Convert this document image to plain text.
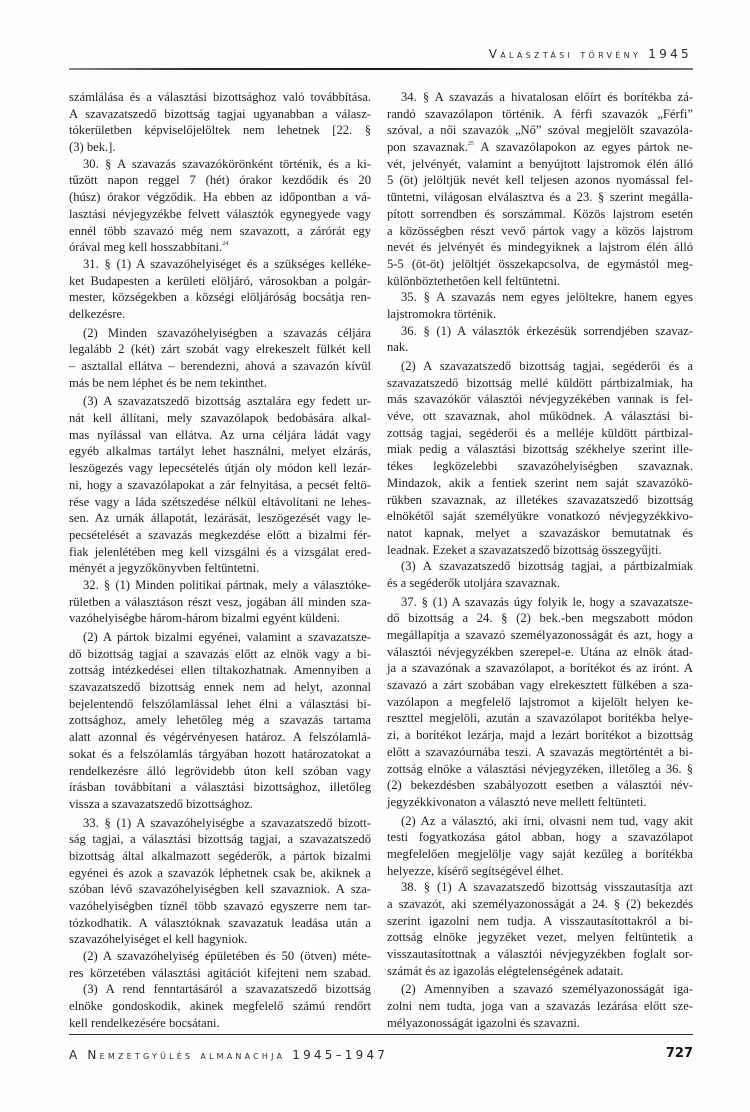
Választási törvény 1945
számlálása és a választási bizottsághoz való továbbítása.
A szavazatszedő bizottság tagjai ugyanabban a válasz-
tókerületben képviselőjelöltek nem lehetnek [22. §
(3) bek.].
30. § A szavazás szavazókörönként történik, és a ki-
tűzött napon reggel 7 (hét) órakor kezdődik és 20
(húsz) órakor végződik. Ha ebben az időpontban a vá-
lasztási névjegyzékbe felvett választók egynegyede vagy
ennél több szavazó még nem szavazott, a zárórát egy
órával meg kell hosszabbítani.$^{24}$
31. § (1) A szavazóhelyiséget és a szükséges kelléke-
ket Budapesten a kerületi elöljáró, városokban a polgár-
mester, községekben a községi elöljáróság bocsátja ren-
delkezésre.
(2) Minden szavazóhelyiségben a szavazás céljára
legalább 2 (két) zárt szobát vagy elrekeszelt fülkét kell
– asztallal ellátva – berendezni, ahová a szavazón kívül
más be nem léphet és be nem tekinthet.
(3) A szavazatszedő bizottság asztalára egy fedett ur-
nát kell állítani, mely szavazólapok bedobására alkal-
mas nyílással van ellátva. Az urna céljára ládát vagy
egyéb alkalmas tartályt lehet használni, melyet elzárás,
leszögezés vagy lepecsételés útján oly módon kell lezár-
ni, hogy a szavazólapokat a zár felnyitása, a pecsét feltö-
rése vagy a láda szétszedése nélkül eltávolítani ne lehes-
sen. Az urnák állapotát, lezárását, leszögezését vagy le-
pecsételését a szavazás megkezdése előtt a bizalmi fér-
fiak jelenlétében meg kell vizsgálni és a vizsgálat ered-
ményét a jegyzőkönyvben feltüntetni.
32. § (1) Minden politikai pártnak, mely a választóke-
rületben a választáson részt vesz, jogában áll minden sza-
vazóhelyiségbe három-három bizalmi egyént küldeni.
(2) A pártok bizalmi egyénei, valamint a szavazatsze-
dő bizottság tagjai a szavazás előtt az elnök vagy a bi-
zottság intézkedései ellen tiltakozhatnak. Amennyiben a
szavazatszedő bizottság ennek nem ad helyt, azonnal
bejelentendő felszólamlással lehet élni a választási bi-
zottsághoz, amely lehetőleg még a szavazás tartama
alatt azonnal és végérvényesen határoz. A felszólamlá-
sokat és a felszólamlás tárgyában hozott határozatokat a
rendelkezésre álló legrövidebb úton kell szóban vagy
írásban továbbítani a választási bizottsághoz, illetőleg
vissza a szavazatszedő bizottsághoz.
33. § (1) A szavazóhelyiségbe a szavazatszedő bizott-
ság tagjai, a választási bizottság tagjai, a szavazatszedő
bizottság által alkalmazott segéderők, a pártok bizalmi
egyénei és azok a szavazók léphetnek csak be, akiknek a
szóban lévő szavazóhelyiségben kell szavazniok. A sza-
vazóhelyiségben tíznél több szavazó egyszerre nem tar-
tózkodhatik. A választóknak szavazatuk leadása után a
szavazóhelyiséget el kell hagyniok.
(2) A szavazóhelyiség épületében és 50 (ötven) méte-
res körzetében választási agitációt kifejteni nem szabad.
(3) A rend fenntartásáról a szavazatszedő bizottság
elnöke gondoskodik, akinek megfelelő számú rendőrt
kell rendelkezésére bocsátani.
34. § A szavazás a hivatalosan előírt és borítékba zá-
randó szavazólapon történik. A férfi szavazók „Férfi”
szóval, a női szavazók „Nő” szóval megjelölt szavazóla-
pon szavaznak.$^{25}$ A szavazólapokon az egyes pártok ne-
vét, jelvényét, valamint a benyújtott lajstromok élén álló
5 (öt) jelöltjük nevét kell teljesen azonos nyomással fel-
tüntetni, világosan elválasztva és a 23. § szerint megálla-
pított sorrendben és sorszámmal. Közös lajstrom esetén
a közösségben részt vevő pártok vagy a közös lajstrom
nevét és jelvényét és mindegyiknek a lajstrom élén álló
5-5 (öt-öt) jelöltjét összekapcsolva, de egymástól meg-
különböztethetően kell feltüntetni.
35. § A szavazás nem egyes jelöltekre, hanem egyes
lajstromokra történik.
36. § (1) A választók érkezésük sorrendjében szavaz-
nak.
(2) A szavazatszedő bizottság tagjai, segéderői és a
szavazatszedő bizottság mellé küldött pártbizalmiak, ha
más szavazókör választói névjegyzékében vannak is fel-
véve, ott szavaznak, ahol működnek. A választási bi-
zottság tagjai, segéderői és a melléje küldött pártbizal-
miak pedig a választási bizottság székhelye szerint ille-
tékes legközelebbi szavazóhelyiségben szavaznak.
Mindazok, akik a fentiek szerint nem saját szavazókö-
rükben szavaznak, az illetékes szavazatszedő bizottság
elnökétől saját személyükre vonatkozó névjegyzékkivo-
natot kapnak, melyet a szavazáskor bemutatnak és
leadnak. Ezeket a szavazatszedő bizottság összegyűjti.
(3) A szavazatszedő bizottság tagjai, a pártbizalmiak
és a segéderők utoljára szavaznak.
37. § (1) A szavazás úgy folyik le, hogy a szavazatsze-
dő bizottság a 24. § (2) bek.-ben megszabott módon
megállapítja a szavazó személyazonosságát és azt, hogy a
választói névjegyzékben szerepel-e. Utána az elnök átad-
ja a szavazónak a szavazólapot, a borítékot és az irónt. A
szavazó a zárt szobában vagy elrekesztett fülkében a sza-
vazólapon a megfelelő lajstromot a kijelölt helyen ke-
reszttel megjelöli, azután a szavazólapot borítékba helye-
zi, a borítékot lezárja, majd a lezárt borítékot a bizottság
előtt a szavazóurnába teszi. A szavazás megtörténtét a bi-
zottság elnöke a választási névjegyzéken, illetőleg a 36. §
(2) bekezdésben szabályozott esetben a választói név-
jegyzékkivonaton a választó neve mellett feltünteti.
(2) Az a választó, aki írni, olvasni nem tud, vagy akit
testi fogyatkozása gátol abban, hogy a szavazólapot
megfelelően megjelölje vagy saját kezűleg a borítékba
helyezze, kísérő segítségével élhet.
38. § (1) A szavazatszedő bizottság visszautasítja azt
a szavazót, aki személyazonosságát a 24. § (2) bekezdés
szerint igazolni nem tudja. A visszautasítottakról a bi-
zottság elnöke jegyzéket vezet, melyen feltüntetik a
visszautasítottnak a választói névjegyzékben foglalt sor-
számát és az igazolás elégtelenségének adatait.
(2) Amennyiben a szavazó személyazonosságát iga-
zolni nem tudta, joga van a szavazás lezárása előtt sze-
mélyazonosságát igazolni és szavazni.
A Nemzetgyűlés almanachja 1945–1947	727
